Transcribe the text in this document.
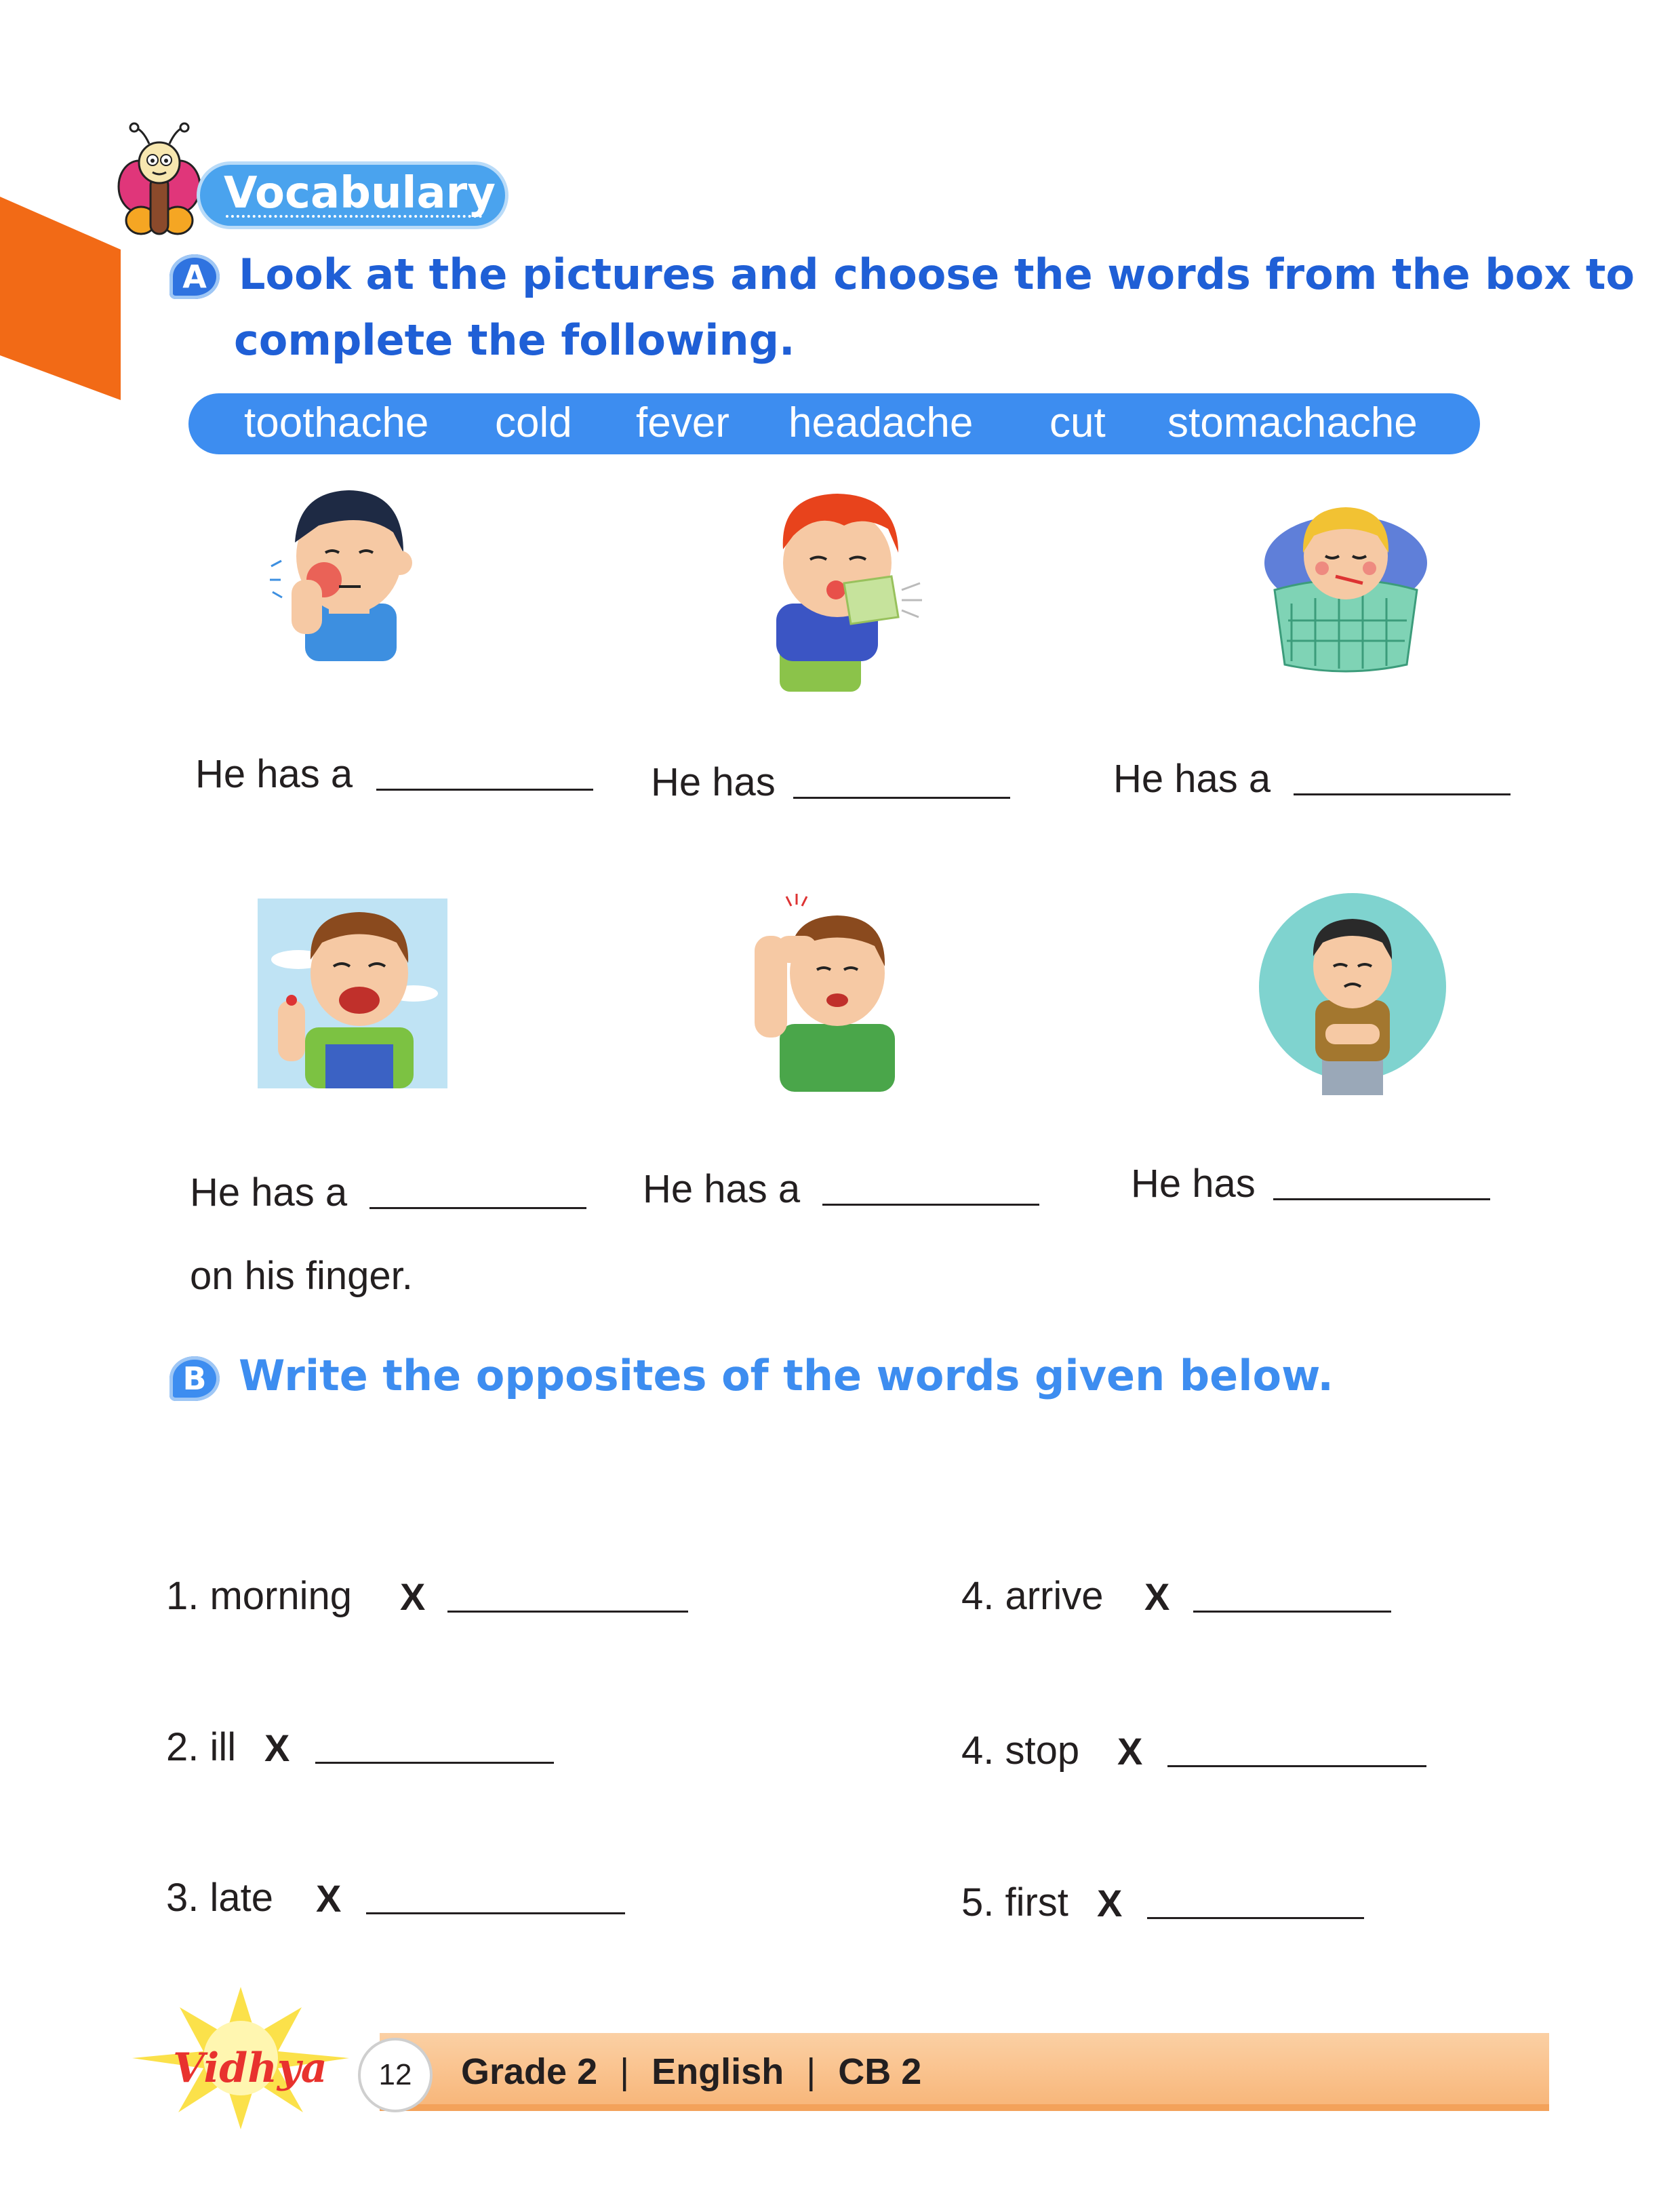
Vocabulary
A Look at the pictures and choose the words from the box to
complete the following.
toothache cold fever headache cut stomachache
He has a	He has	He has a
He has a
on his finger.
He has a	He has
B Write the opposites of the words given below.
1. morning X
2. ill X
3. late X
4. arrive X
4. stop X
5. first X
Vidhya	12	Grade 2 | English | CB 2
